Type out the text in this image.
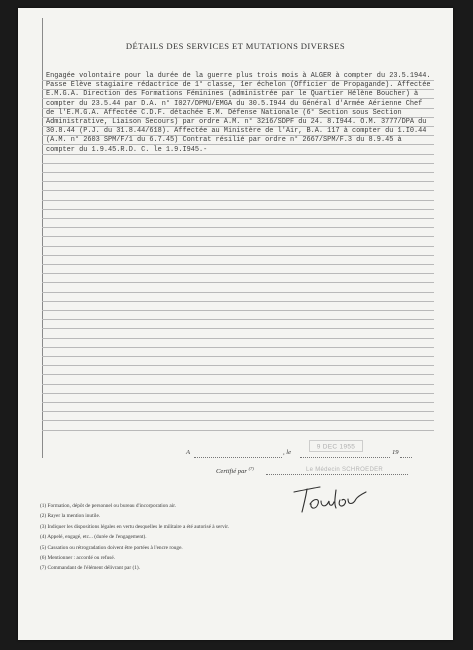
DÉTAILS DES SERVICES ET MUTATIONS DIVERSES
Engagée volontaire pour la durée de la guerre plus trois mois à ALGER à compter du 23.5.1944. Passe Elève stagiaire rédactrice de 1° classe, 1er échelon (Officier de Propagande). Affectée E.M.G.A. Direction des Formations Féminines (administrée par le Quartier Hélène Boucher) à compter du 23.5.44 par D.A. n° I027/DPMU/EMGA du 30.5.I944 du Général d'Armée Aérienne Chef de l'E.M.G.A. Affectée C.D.F. détachée E.M. Défense Nationale (6° Section sous Section Administrative, Liaison Secours) par ordre A.M. n° 3216/SDPF du 24. 8.I944. O.M. 3777/DPA du 30.8.44 (P.J. du 31.8.44/618). Affectée au Ministère de l'Air, B.A. 117 à compter du 1.I0.44 (A.M. n° 2603 SPM/F/1 du 6.7.45) Contrat résilié par ordre n° 2667/SPM/F.3 du 8.9.45 à compter du 1.9.45.R.D. C. le 1.9.I945.-
A	, le	19
9 DEC 1955
Certifié par $^{(7)}$	Le Médecin SCHROEDER
(1) Formation, dépôt de personnel ou bureau d'incorporation air.
(2) Rayer la mention inutile.
(3) Indiquer les dispositions légales en vertu desquelles le militaire a été autorisé à servir.
(4) Appelé, engagé, etc... (durée de l'engagement).
(5) Cassation ou rétrogradation doivent être portées à l'encre rouge.
(6) Mentionner : accordé ou refusé.
(7) Commandant de l'élément délivrant par (1).
